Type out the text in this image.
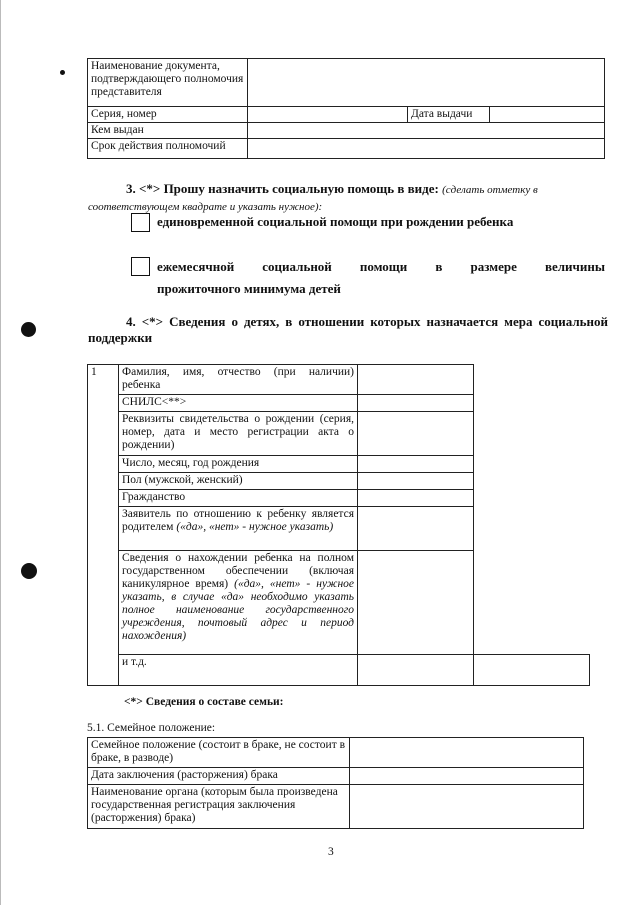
Наименование документа, подтверждающего полномочия представителя			
Серия, номер		Дата выдачи	
Кем выдан			
Срок действия полномочий			
3. <*> Прошу назначить социальную помощь в виде: (сделать отметку в соответствующем квадрате и указать нужное):
единовременной социальной помощи при рождении ребенка
ежемесячной социальной помощи в размере величины
прожиточного минимума детей
4. <*> Сведения о детях, в отношении которых назначается мера социальной поддержки
1	Фамилия, имя, отчество (при наличии) ребенка		
	СНИЛС<**>		
	Реквизиты свидетельства о рождении (серия, номер, дата и место регистрации акта о рождении)		
	Число, месяц, год рождения		
	Пол (мужской, женский)		
	Гражданство		
	Заявитель по отношению к ребенку является родителем («да», «нет» - нужное указать)		
	Сведения о нахождении ребенка на полном государственном обеспечении (включая каникулярное время) («да», «нет» - нужное указать, в случае «да» необходимо указать полное наименование государственного учреждения, почтовый адрес и период нахождения)		
	и т.д.		
<*> Сведения о составе семьи:
5.1. Семейное положение:
Семейное положение (состоит в браке, не состоит в браке, в разводе)	
Дата заключения (расторжения) брака	
Наименование органа (которым была произведена государственная регистрация заключения (расторжения) брака)	
3
